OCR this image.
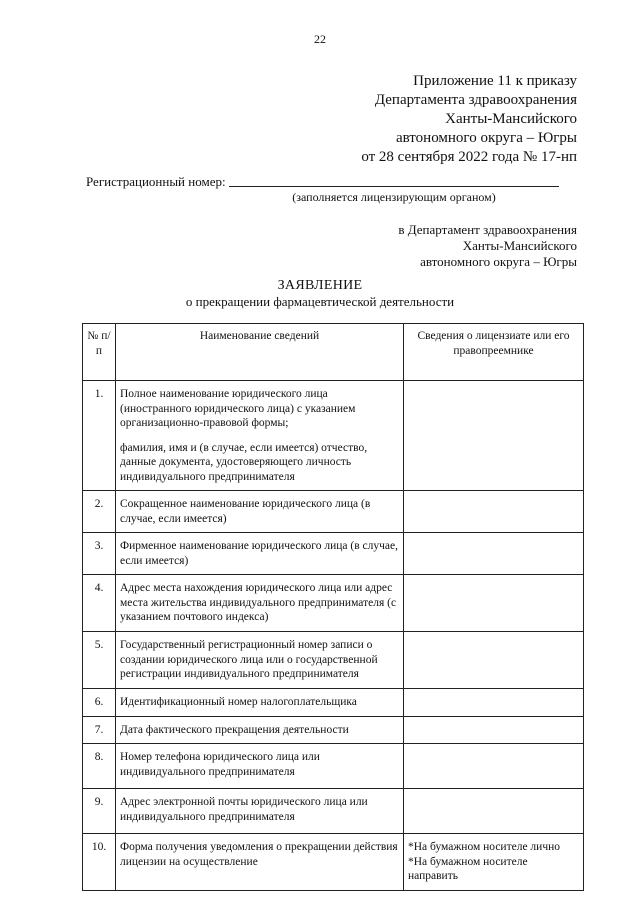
22
Приложение 11 к приказу
Департамента здравоохранения
Ханты-Мансийского
автономного округа – Югры
от 28 сентября 2022 года № 17-нп
Регистрационный номер:
(заполняется лицензирующим органом)
в Департамент здравоохранения
Ханты-Мансийского
автономного округа – Югры
ЗАЯВЛЕНИЕ
о прекращении фармацевтической деятельности
№ п/п	Наименование сведений	Сведения о лицензиате или его правопреемнике
1.	Полное наименование юридического лица (иностранного юридического лица) с указанием организационно-правовой формы;
фамилия, имя и (в случае, если имеется) отчество, данные документа, удостоверяющего личность индивидуального предпринимателя	
2.	Сокращенное наименование юридического лица (в случае, если имеется)	
3.	Фирменное наименование юридического лица (в случае, если имеется)	
4.	Адрес места нахождения юридического лица или адрес места жительства индивидуального предпринимателя (с указанием почтового индекса)	
5.	Государственный регистрационный номер записи о создании юридического лица или о государственной регистрации индивидуального предпринимателя	
6.	Идентификационный номер налогоплательщика	
7.	Дата фактического прекращения деятельности	
8.	Номер телефона юридического лица или индивидуального предпринимателя	
9.	Адрес электронной почты юридического лица или индивидуального предпринимателя	
10.	Форма получения уведомления о прекращении действия лицензии на осуществление	*На бумажном носителе лично
*На бумажном носителе направить
